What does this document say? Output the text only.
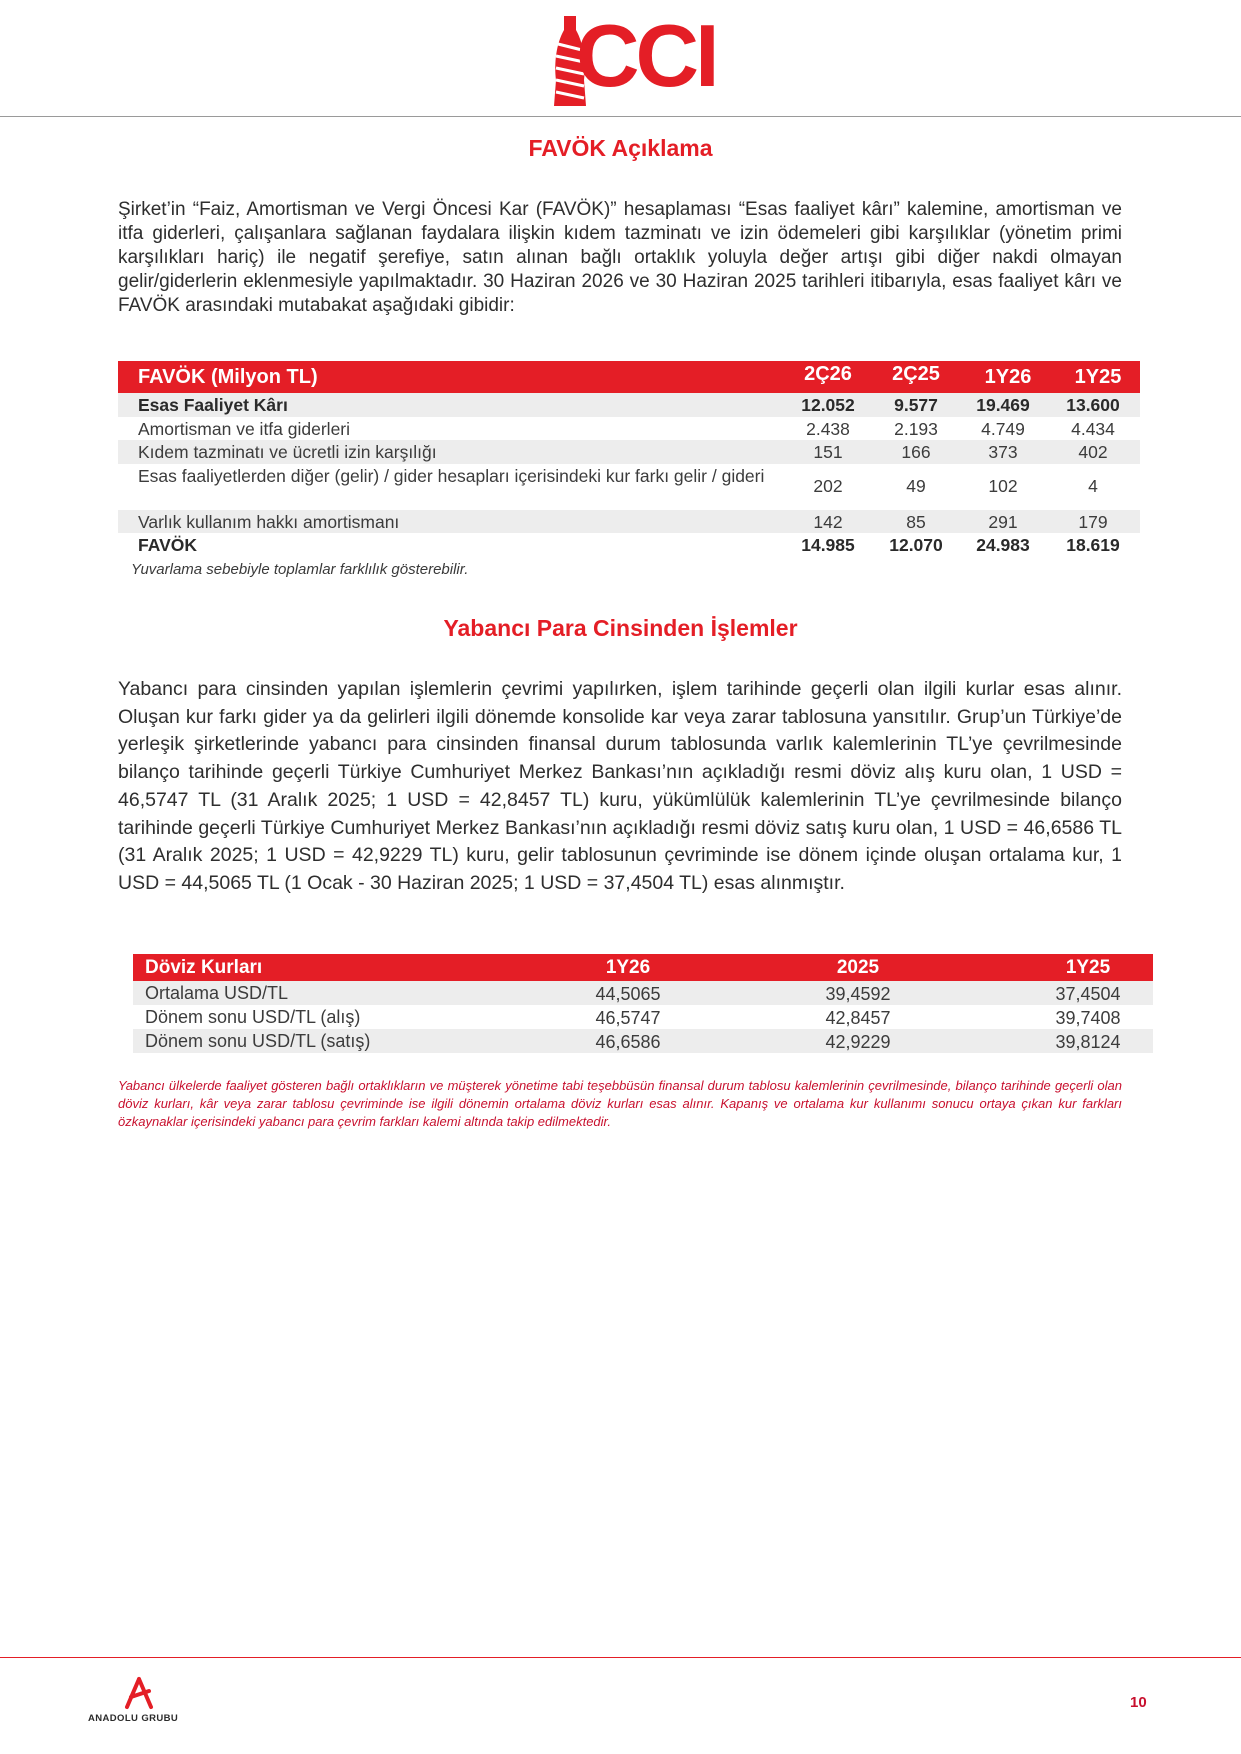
CCI
FAVÖK Açıklama
Şirket’in “Faiz, Amortisman ve Vergi Öncesi Kar (FAVÖK)” hesaplaması “Esas faaliyet kârı” kalemine, amortisman ve itfa giderleri, çalışanlara sağlanan faydalara ilişkin kıdem tazminatı ve izin ödemeleri gibi karşılıklar (yönetim primi karşılıkları hariç) ile negatif şerefiye, satın alınan bağlı ortaklık yoluyla değer artışı gibi diğer nakdi olmayan gelir/giderlerin eklenmesiyle yapılmaktadır. 30 Haziran 2026 ve 30 Haziran 2025 tarihleri itibarıyla, esas faaliyet kârı ve FAVÖK arasındaki mutabakat aşağıdaki gibidir:
FAVÖK (Milyon TL)	2Ç26	2Ç25	1Y26	1Y25
Esas Faaliyet Kârı	12.052	9.577	19.469	13.600
Amortisman ve itfa giderleri	2.438	2.193	4.749	4.434
Kıdem tazminatı ve ücretli izin karşılığı	151	166	373	402
Esas faaliyetlerden diğer (gelir) / gider hesapları içerisindeki kur farkı gelir / gideri	202	49	102	4
Varlık kullanım hakkı amortismanı	142	85	291	179
FAVÖK	14.985	12.070	24.983	18.619
Yuvarlama sebebiyle toplamlar farklılık gösterebilir.
Yabancı Para Cinsinden İşlemler
Yabancı para cinsinden yapılan işlemlerin çevrimi yapılırken, işlem tarihinde geçerli olan ilgili kurlar esas alınır. Oluşan kur farkı gider ya da gelirleri ilgili dönemde konsolide kar veya zarar tablosuna yansıtılır. Grup’un Türkiye’de yerleşik şirketlerinde yabancı para cinsinden finansal durum tablosunda varlık kalemlerinin TL’ye çevrilmesinde bilanço tarihinde geçerli Türkiye Cumhuriyet Merkez Bankası’nın açıkladığı resmi döviz alış kuru olan, 1 USD = 46,5747 TL (31 Aralık 2025; 1 USD = 42,8457 TL) kuru, yükümlülük kalemlerinin TL’ye çevrilmesinde bilanço tarihinde geçerli Türkiye Cumhuriyet Merkez Bankası’nın açıkladığı resmi döviz satış kuru olan, 1 USD = 46,6586 TL (31 Aralık 2025; 1 USD = 42,9229 TL) kuru, gelir tablosunun çevriminde ise dönem içinde oluşan ortalama kur, 1 USD = 44,5065 TL (1 Ocak - 30 Haziran 2025; 1 USD = 37,4504 TL) esas alınmıştır.
Döviz Kurları	1Y26	2025	1Y25
Ortalama USD/TL	44,5065	39,4592	37,4504
Dönem sonu USD/TL (alış)	46,5747	42,8457	39,7408
Dönem sonu USD/TL (satış)	46,6586	42,9229	39,8124
Yabancı ülkelerde faaliyet gösteren bağlı ortaklıkların ve müşterek yönetime tabi teşebbüsün finansal durum tablosu kalemlerinin çevrilmesinde, bilanço tarihinde geçerli olan döviz kurları, kâr veya zarar tablosu çevriminde ise ilgili dönemin ortalama döviz kurları esas alınır. Kapanış ve ortalama kur kullanımı sonucu ortaya çıkan kur farkları özkaynaklar içerisindeki yabancı para çevrim farkları kalemi altında takip edilmektedir.
ANADOLU GRUBU
10
